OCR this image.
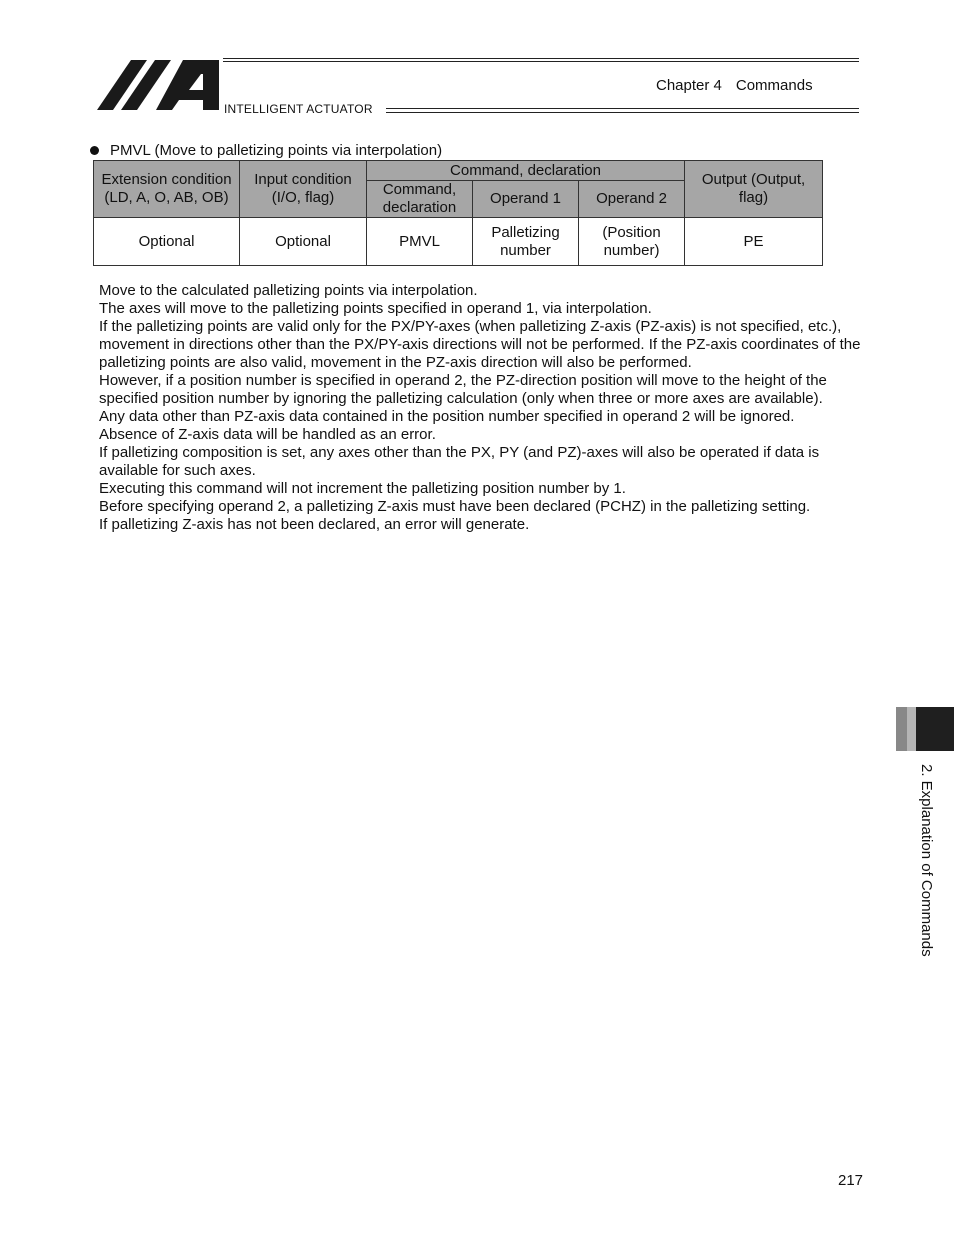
INTELLIGENT ACTUATOR
Chapter 4 Commands
PMVL (Move to palletizing points via interpolation)
Extension condition (LD, A, O, AB, OB)	Input condition (I/O, flag)	Command, declaration			Output (Output, flag)
		Command, declaration	Operand 1	Operand 2	
Optional	Optional	PMVL	Palletizing number	(Position number)	PE

Move to the calculated palletizing points via interpolation.

The axes will move to the palletizing points specified in operand 1, via interpolation.

If the palletizing points are valid only for the PX/PY-axes (when palletizing Z-axis (PZ-axis) is not specified, etc.), movement in directions other than the PX/PY-axis directions will not be performed. If the PZ-axis coordinates of the palletizing points are also valid, movement in the PZ-axis direction will also be performed.

However, if a position number is specified in operand 2, the PZ-direction position will move to the height of the specified position number by ignoring the palletizing calculation (only when three or more axes are available).

Any data other than PZ-axis data contained in the position number specified in operand 2 will be ignored.

Absence of Z-axis data will be handled as an error.

If palletizing composition is set, any axes other than the PX, PY (and PZ)-axes will also be operated if data is available for such axes.

Executing this command will not increment the palletizing position number by 1.

Before specifying operand 2, a palletizing Z-axis must have been declared (PCHZ) in the palletizing setting.

If palletizing Z-axis has not been declared, an error will generate.

2. Explanation of Commands
217
